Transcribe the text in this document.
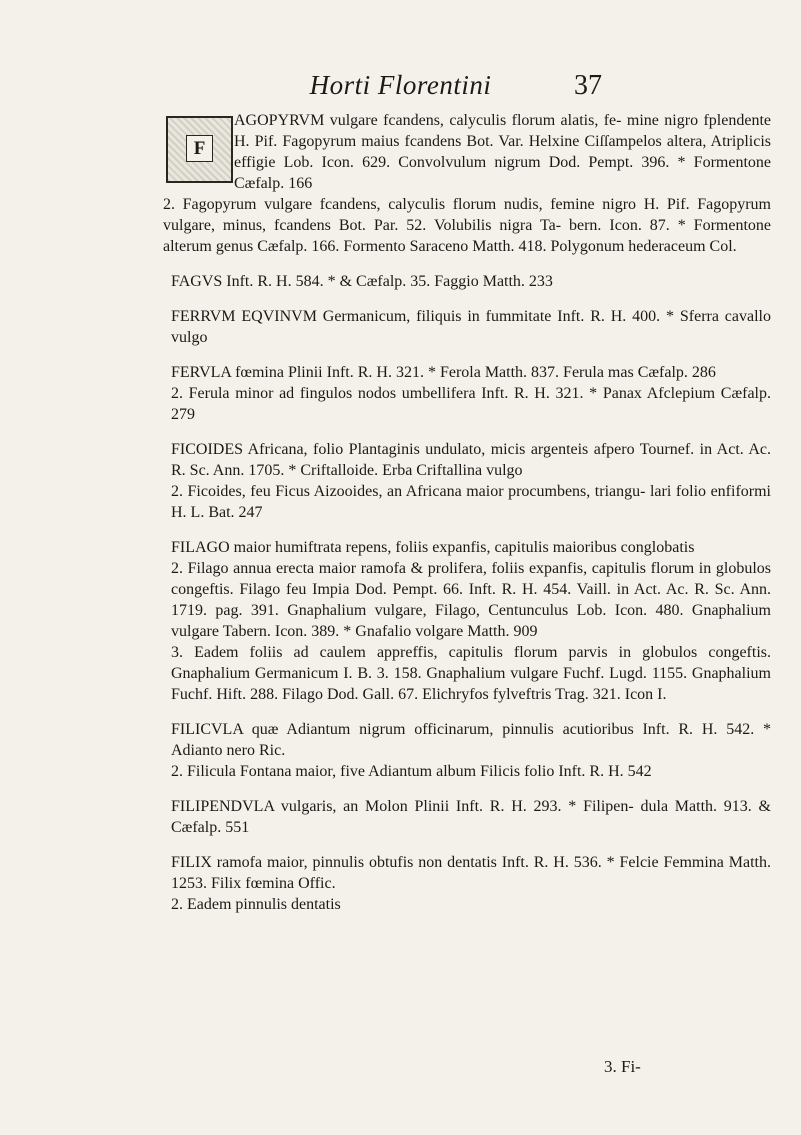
Horti Florentini	37
F

AGOPYRVM vulgare fcandens, calyculis florum alatis, fe- mine nigro fplendente H. Pif. Fagopyrum maius fcandens Bot. Var. Helxine Ciſſampelos altera, Atriplicis effigie Lob. Icon. 629. Convolvulum nigrum Dod. Pempt. 396. * Formentone Cæfalp. 166

2. Fagopyrum vulgare fcandens, calyculis florum nudis, femine nigro H. Pif. Fagopyrum vulgare, minus, fcandens Bot. Par. 52. Volubilis nigra Ta- bern. Icon. 87. * Formentone alterum genus Cæfalp. 166. Formento Saraceno Matth. 418. Polygonum hederaceum Col.

FAGVS Inft. R. H. 584. * & Cæfalp. 35. Faggio Matth. 233

FERRVM EQVINVM Germanicum, filiquis in fummitate Inft. R. H. 400. * Sferra cavallo vulgo

FERVLA fœmina Plinii Inft. R. H. 321. * Ferola Matth. 837. Ferula mas Cæfalp. 286

2. Ferula minor ad fingulos nodos umbellifera Inft. R. H. 321. * Panax Afclepium Cæfalp. 279

FICOIDES Africana, folio Plantaginis undulato, micis argenteis afpero Tournef. in Act. Ac. R. Sc. Ann. 1705. * Criftalloide. Erba Criftallina vulgo

2. Ficoides, feu Ficus Aizooides, an Africana maior procumbens, triangu- lari folio enfiformi H. L. Bat. 247

FILAGO maior humiftrata repens, foliis expanfis, capitulis maioribus conglobatis

2. Filago annua erecta maior ramofa & prolifera, foliis expanfis, capitulis florum in globulos congeftis. Filago feu Impia Dod. Pempt. 66. Inft. R. H. 454. Vaill. in Act. Ac. R. Sc. Ann. 1719. pag. 391. Gnaphalium vulgare, Filago, Centunculus Lob. Icon. 480. Gnaphalium vulgare Tabern. Icon. 389. * Gnafalio volgare Matth. 909

3. Eadem foliis ad caulem appreffis, capitulis florum parvis in globulos congeftis. Gnaphalium Germanicum I. B. 3. 158. Gnaphalium vulgare Fuchf. Lugd. 1155. Gnaphalium Fuchf. Hift. 288. Filago Dod. Gall. 67. Elichryfos fylveftris Trag. 321. Icon I.

FILICVLA quæ Adiantum nigrum officinarum, pinnulis acutioribus Inft. R. H. 542. * Adianto nero Ric.

2. Filicula Fontana maior, five Adiantum album Filicis folio Inft. R. H. 542

FILIPENDVLA vulgaris, an Molon Plinii Inft. R. H. 293. * Filipen- dula Matth. 913. & Cæfalp. 551

FILIX ramofa maior, pinnulis obtufis non dentatis Inft. R. H. 536. * Felcie Femmina Matth. 1253. Filix fœmina Offic.

2. Eadem pinnulis dentatis

3. Fi-
